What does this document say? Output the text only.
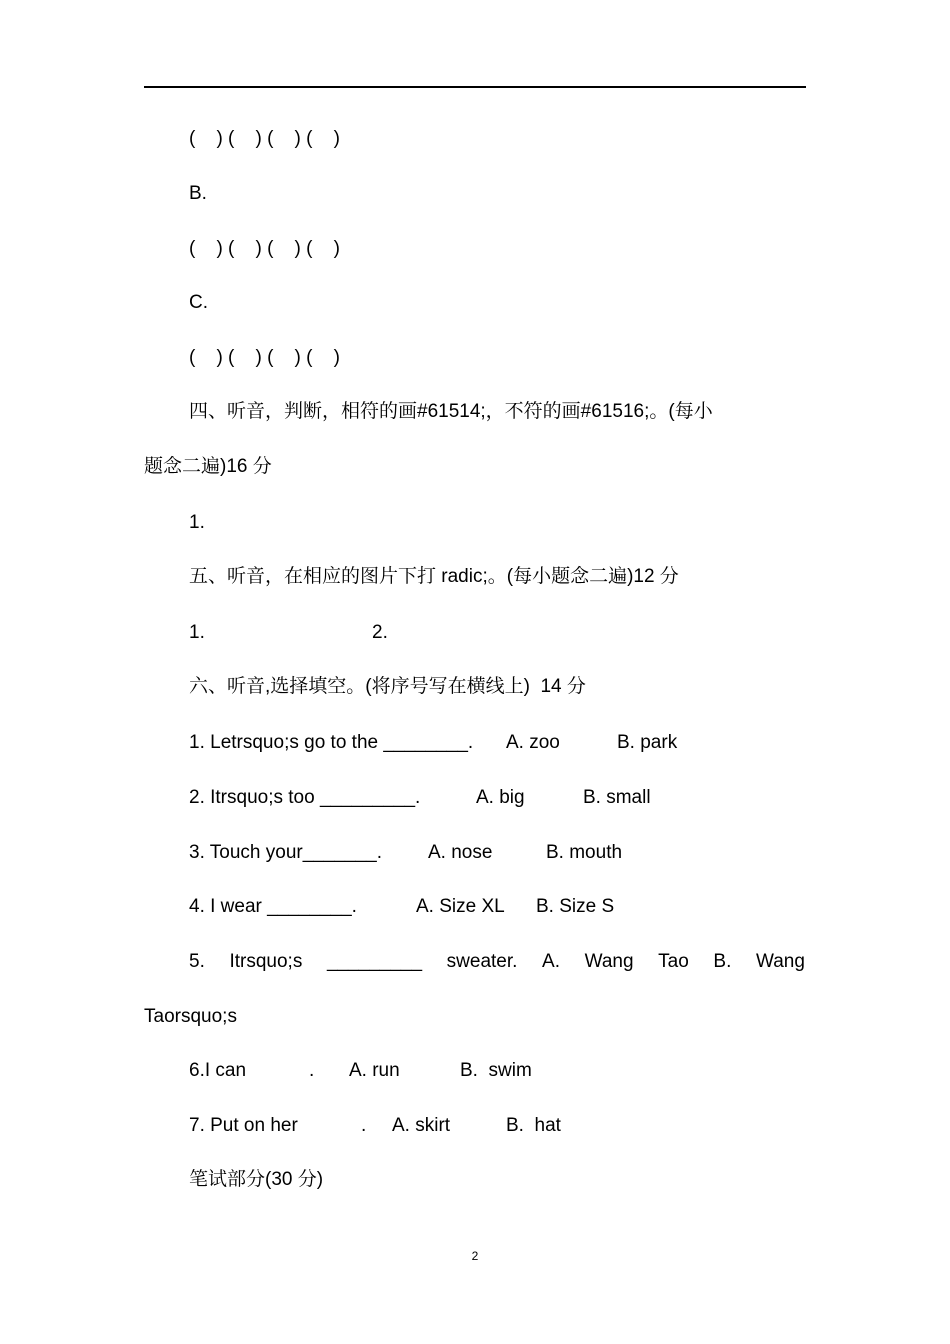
(    ) (    ) (    ) (    )
B.
(    ) (    ) (    ) (    )
C.
(    ) (    ) (    ) (    )
四、听音，判断，相符的画#61514;，不符的画#61516;。(每小
题念二遍)16 分
1.
五、听音，在相应的图片下打 radic;。(每小题念二遍)12 分
1.	2.
六、听音,选择填空。(将序号写在横线上)  14 分
1. Letrsquo;s go to the ________. A. zoo	B. park
2. Itrsquo;s too _________.	A. big	B. small
3. Touch your_______. A. nose	B. mouth
4. I wear ________.	A. Size XL B. Size S
5. Itrsquo;s _________ sweater. A. Wang Tao B. Wang
Taorsquo;s
6.I can	. A. run	B.  swim
7. Put on her	. A. skirt	B.  hat
笔试部分(30 分)
2
